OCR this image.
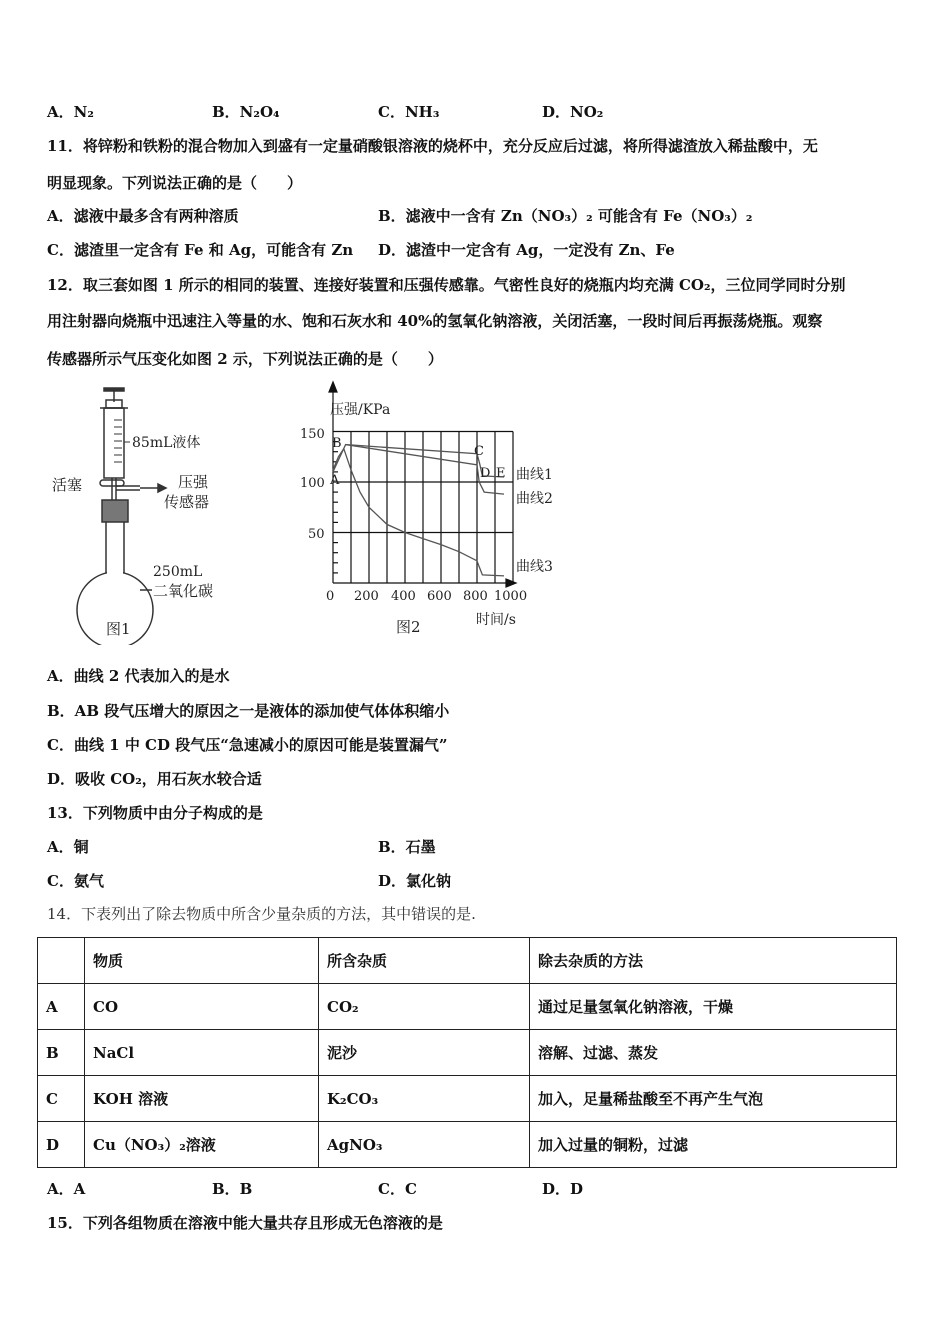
A．N₂	B．N₂O₄	C．NH₃	D．NO₂
11．将锌粉和铁粉的混合物加入到盛有一定量硝酸银溶液的烧杯中，充分反应后过滤，将所得滤渣放入稀盐酸中，无
明显现象。下列说法正确的是（　　）
A．滤液中最多含有两种溶质	B．滤液中一含有 Zn（NO₃）₂ 可能含有 Fe（NO₃）₂
C．滤渣里一定含有 Fe 和 Ag，可能含有 Zn D．滤渣中一定含有 Ag，一定没有 Zn、Fe
12．取三套如图 1 所示的相同的装置、连接好装置和压强传感靠。气密性良好的烧瓶内均充满 CO₂，三位同学同时分别
用注射器向烧瓶中迅速注入等量的水、饱和石灰水和 40%的氢氧化钠溶液，关闭活塞，一段时间后再振荡烧瓶。观察
传感器所示气压变化如图 2 示，下列说法正确的是（　　）
85mL液体
活塞	压强
传感器
250mL
二氧化碳
图1
压强/KPa
150
100
50
0 200 400 600 800 1000
时间/s
A
B
C
D E 曲线1
曲线2
曲线3
图2
A．曲线 2 代表加入的是水
B．AB 段气压增大的原因之一是液体的添加使气体体积缩小
C．曲线 1 中 CD 段气压“急速减小的原因可能是装置漏气”
D．吸收 CO₂，用石灰水较合适
13．下列物质中由分子构成的是
A．铜	B．石墨
C．氨气	D．氯化钠
14．下表列出了除去物质中所含少量杂质的方法，其中错误的是.
	物质	所含杂质	除去杂质的方法
A	CO	CO₂	通过足量氢氧化钠溶液，干燥
B	NaCl	泥沙	溶解、过滤、蒸发
C	KOH 溶液	K₂CO₃	加入，足量稀盐酸至不再产生气泡
D	Cu（NO₃）₂溶液	AgNO₃	加入过量的铜粉，过滤
A．A	B．B	C．C	D．D
15．下列各组物质在溶液中能大量共存且形成无色溶液的是
